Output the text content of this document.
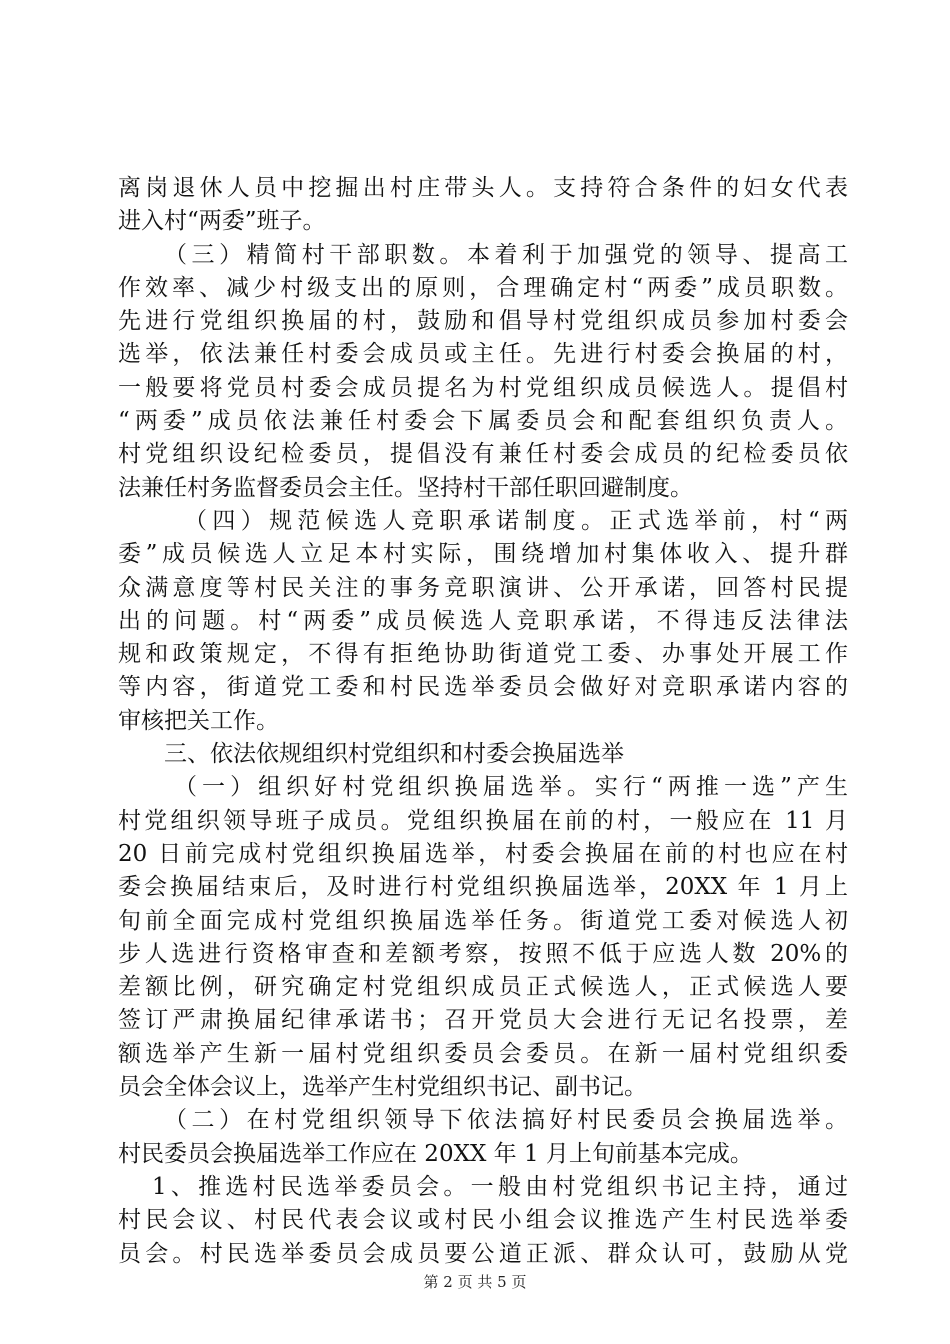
离岗退休人员中挖掘出村庄带头人。支持符合条件的妇女代表
进入村“两委”班子。
（三）精简村干部职数。本着利于加强党的领导、提高工
作效率、减少村级支出的原则，合理确定村“两委”成员职数。
先进行党组织换届的村，鼓励和倡导村党组织成员参加村委会
选举，依法兼任村委会成员或主任。先进行村委会换届的村，
一般要将党员村委会成员提名为村党组织成员候选人。提倡村
“两委”成员依法兼任村委会下属委员会和配套组织负责人。
村党组织设纪检委员，提倡没有兼任村委会成员的纪检委员依
法兼任村务监督委员会主任。坚持村干部任职回避制度。
（四）规范候选人竞职承诺制度。正式选举前，村“两
委”成员候选人立足本村实际，围绕增加村集体收入、提升群
众满意度等村民关注的事务竞职演讲、公开承诺，回答村民提
出的问题。村“两委”成员候选人竞职承诺，不得违反法律法
规和政策规定，不得有拒绝协助街道党工委、办事处开展工作
等内容，街道党工委和村民选举委员会做好对竞职承诺内容的
审核把关工作。
三、依法依规组织村党组织和村委会换届选举
（一）组织好村党组织换届选举。实行“两推一选”产生
村党组织领导班子成员。党组织换届在前的村，一般应在 11 月
20 日前完成村党组织换届选举，村委会换届在前的村也应在村
委会换届结束后，及时进行村党组织换届选举，20XX 年 1 月上
旬前全面完成村党组织换届选举任务。街道党工委对候选人初
步人选进行资格审查和差额考察，按照不低于应选人数 20%的
差额比例，研究确定村党组织成员正式候选人，正式候选人要
签订严肃换届纪律承诺书；召开党员大会进行无记名投票，差
额选举产生新一届村党组织委员会委员。在新一届村党组织委
员会全体会议上，选举产生村党组织书记、副书记。
（二）在村党组织领导下依法搞好村民委员会换届选举。
村民委员会换届选举工作应在 20XX 年 1 月上旬前基本完成。
1、推选村民选举委员会。一般由村党组织书记主持，通过
村民会议、村民代表会议或村民小组会议推选产生村民选举委
员会。村民选举委员会成员要公道正派、群众认可，鼓励从党
第 2 页 共 5 页
